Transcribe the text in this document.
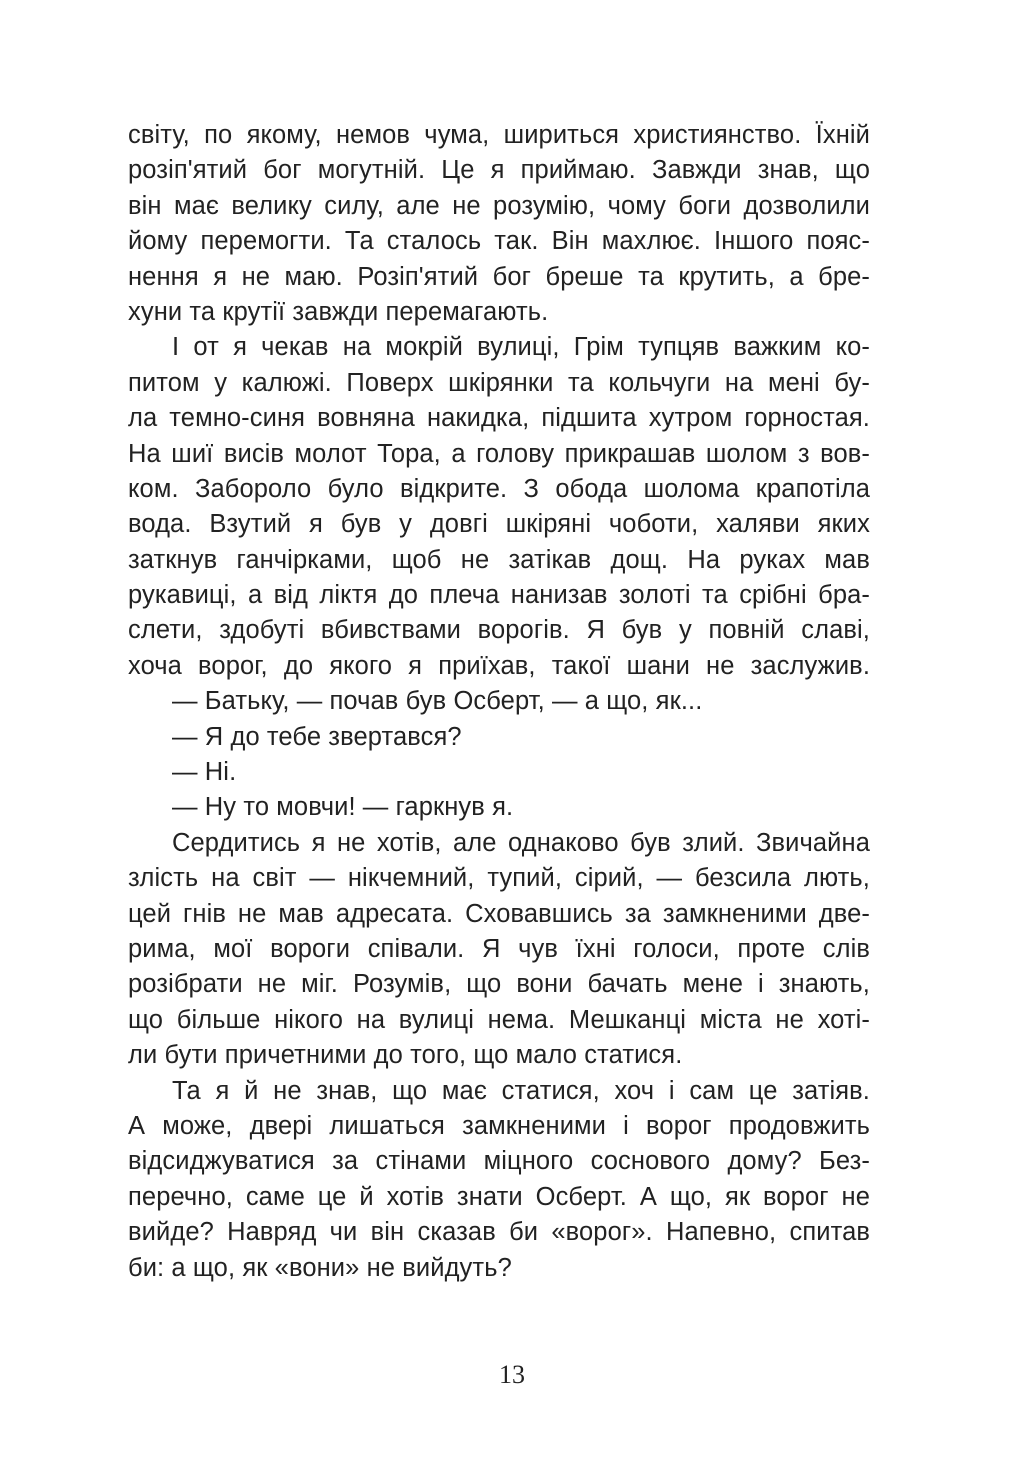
світу, по якому, немов чума, шириться християнство. Їхній
розіп'ятий бог могутній. Це я приймаю. Завжди знав, що
він має велику силу, але не розумію, чому боги дозволили
йому перемогти. Та сталось так. Він махлює. Іншого пояс-
нення я не маю. Розіп'ятий бог бреше та крутить, а бре-
хуни та крутії завжди перемагають.
І от я чекав на мокрій вулиці, Грім тупцяв важким ко-
питом у калюжі. Поверх шкірянки та кольчуги на мені бу-
ла темно-синя вовняна накидка, підшита хутром горностая.
На шиї висів молот Тора, а голову прикрашав шолом з вов-
ком. Забороло було відкрите. З обода шолома крапотіла
вода. Взутий я був у довгі шкіряні чоботи, халяви яких
заткнув ганчірками, щоб не затікав дощ. На руках мав
рукавиці, а від ліктя до плеча нанизав золоті та срібні бра-
слети, здобуті вбивствами ворогів. Я був у повній славі,
хоча ворог, до якого я приїхав, такої шани не заслужив.
— Батьку, — почав був Осберт, — а що, як...
— Я до тебе звертався?
— Ні.
— Ну то мовчи! — гаркнув я.
Сердитись я не хотів, але однаково був злий. Звичайна
злість на світ — нікчемний, тупий, сірий, — безсила лють,
цей гнів не мав адресата. Сховавшись за замкненими две-
рима, мої вороги співали. Я чув їхні голоси, проте слів
розібрати не міг. Розумів, що вони бачать мене і знають,
що більше нікого на вулиці нема. Мешканці міста не хоті-
ли бути причетними до того, що мало статися.
Та я й не знав, що має статися, хоч і сам це затіяв.
А може, двері лишаться замкненими і ворог продовжить
відсиджуватися за стінами міцного соснового дому? Без-
перечно, саме це й хотів знати Осберт. А що, як ворог не
вийде? Навряд чи він сказав би «ворог». Напевно, спитав
би: а що, як «вони» не вийдуть?
13
